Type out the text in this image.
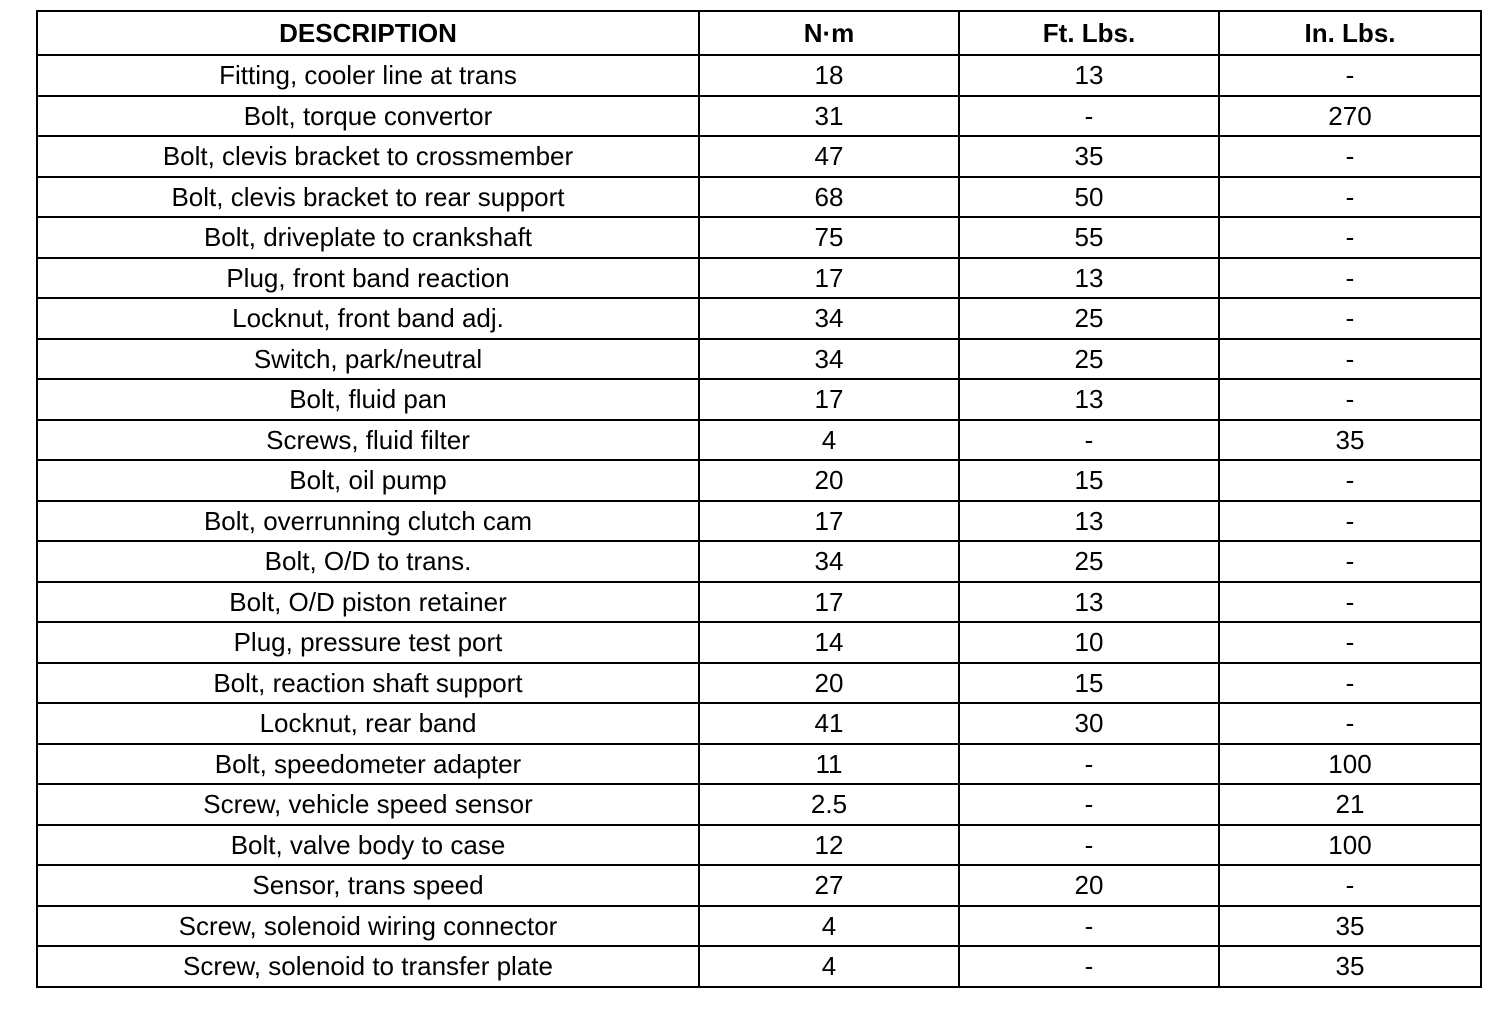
DESCRIPTION	N·m	Ft. Lbs.	In. Lbs.
Fitting, cooler line at trans	18	13	-
Bolt, torque convertor	31	-	270
Bolt, clevis bracket to crossmember	47	35	-
Bolt, clevis bracket to rear support	68	50	-
Bolt, driveplate to crankshaft	75	55	-
Plug, front band reaction	17	13	-
Locknut, front band adj.	34	25	-
Switch, park/neutral	34	25	-
Bolt, fluid pan	17	13	-
Screws, fluid filter	4	-	35
Bolt, oil pump	20	15	-
Bolt, overrunning clutch cam	17	13	-
Bolt, O/D to trans.	34	25	-
Bolt, O/D piston retainer	17	13	-
Plug, pressure test port	14	10	-
Bolt, reaction shaft support	20	15	-
Locknut, rear band	41	30	-
Bolt, speedometer adapter	11	-	100
Screw, vehicle speed sensor	2.5	-	21
Bolt, valve body to case	12	-	100
Sensor, trans speed	27	20	-
Screw, solenoid wiring connector	4	-	35
Screw, solenoid to transfer plate	4	-	35
